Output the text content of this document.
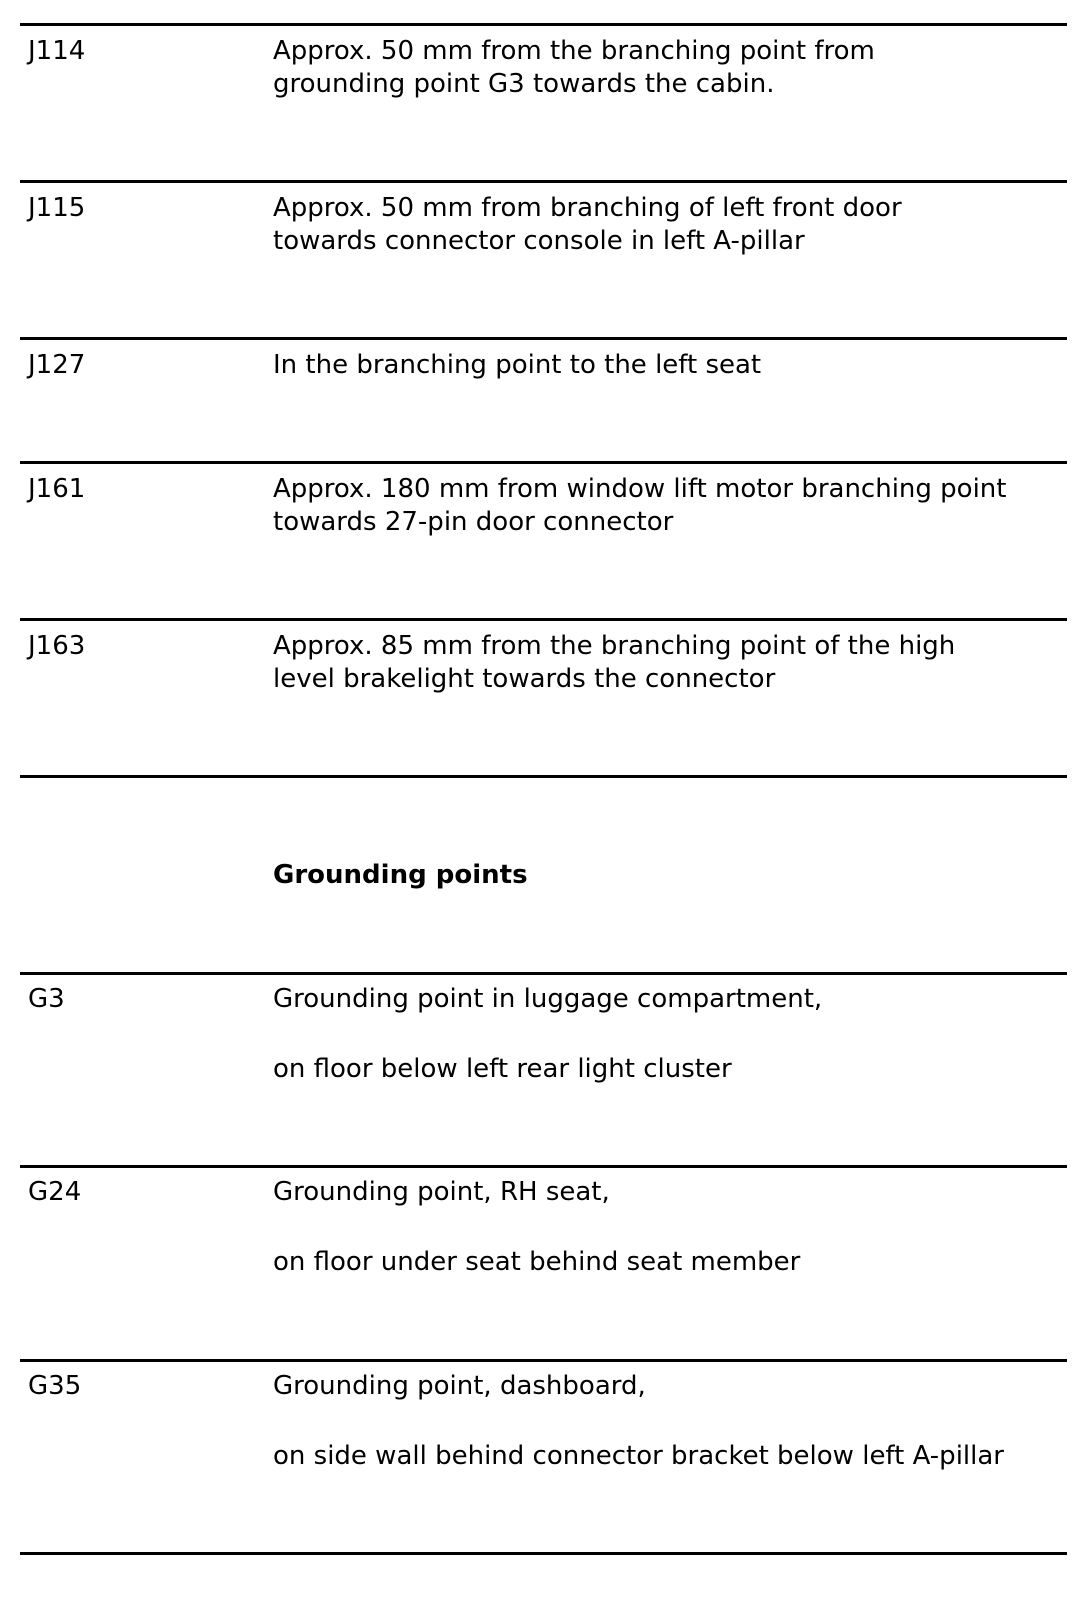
J114	Approx. 50 mm from the branching point from
grounding point G3 towards the cabin.
J115	Approx. 50 mm from branching of left front door
towards connector console in left A-pillar
J127	In the branching point to the left seat
J161	Approx. 180 mm from window lift motor branching point
towards 27-pin door connector
J163	Approx. 85 mm from the branching point of the high
level brakelight towards the connector
Grounding points
G3	Grounding point in luggage compartment,
on floor below left rear light cluster
G24	Grounding point, RH seat,
on floor under seat behind seat member
G35	Grounding point, dashboard,
on side wall behind connector bracket below left A-pillar
